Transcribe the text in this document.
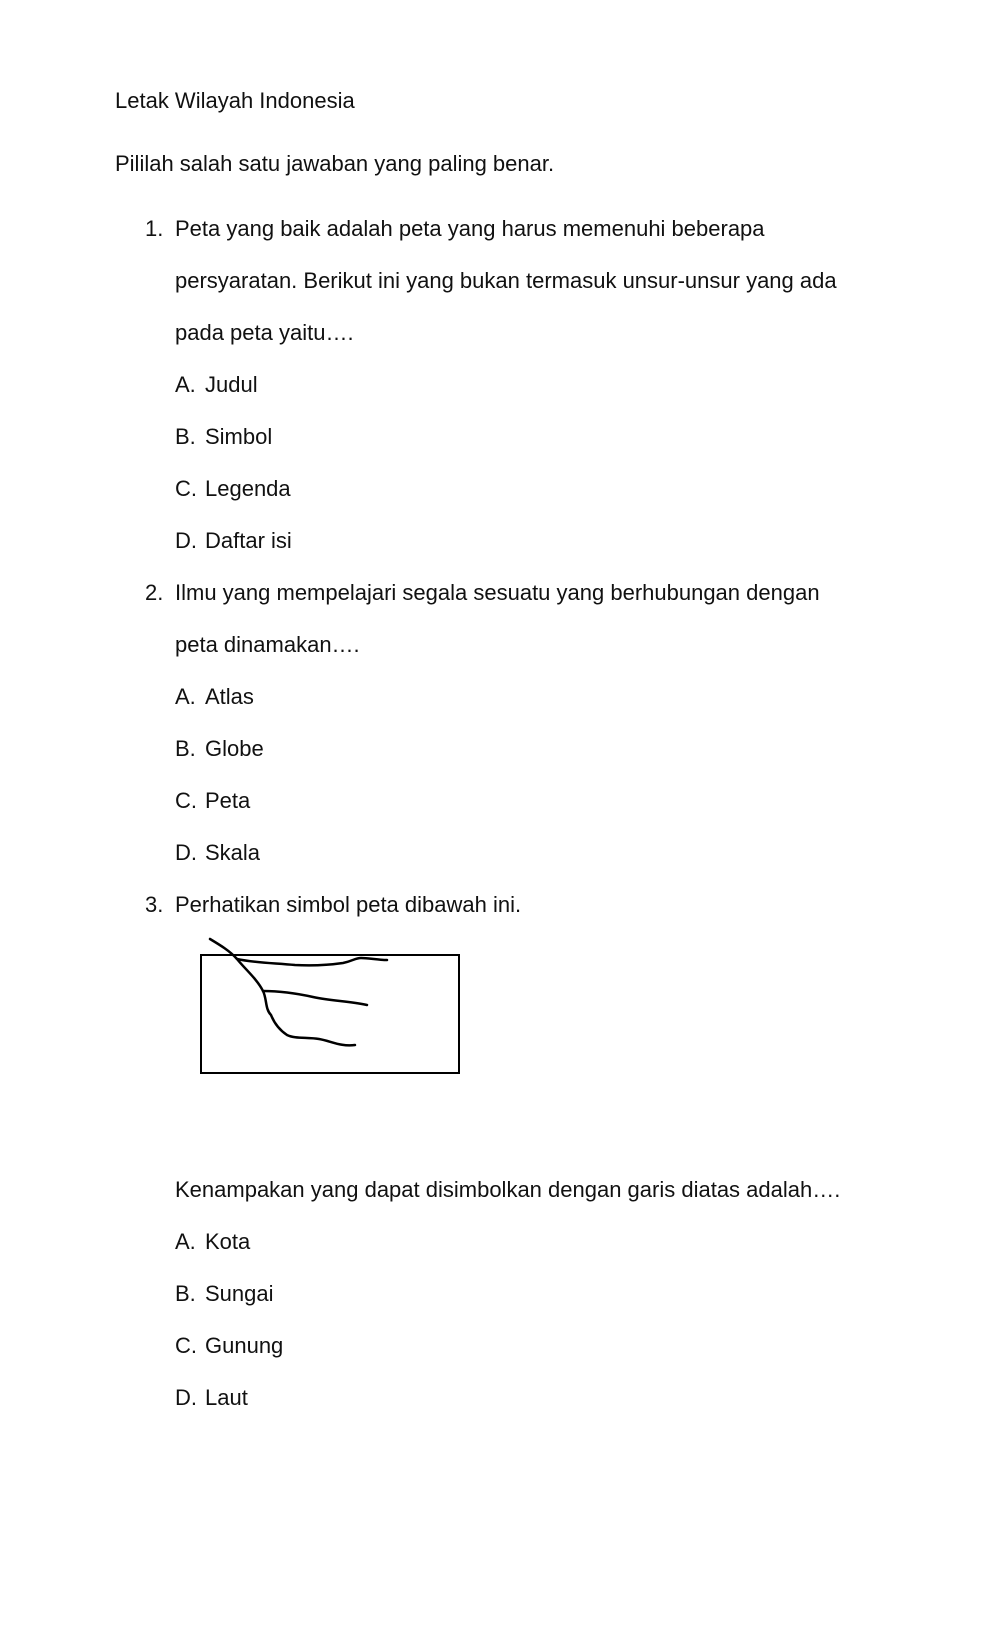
Letak Wilayah Indonesia
Pililah salah satu jawaban yang paling benar.
1. Peta yang baik adalah peta yang harus memenuhi beberapa
persyaratan. Berikut ini yang bukan termasuk unsur-unsur yang ada
pada peta yaitu….
A. Judul
B. Simbol
C. Legenda
D. Daftar isi
2. Ilmu yang mempelajari segala sesuatu yang berhubungan dengan
peta dinamakan….
A. Atlas
B. Globe
C. Peta
D. Skala
3. Perhatikan simbol peta dibawah ini.
Kenampakan yang dapat disimbolkan dengan garis diatas adalah….
A. Kota
B. Sungai
C. Gunung
D. Laut
